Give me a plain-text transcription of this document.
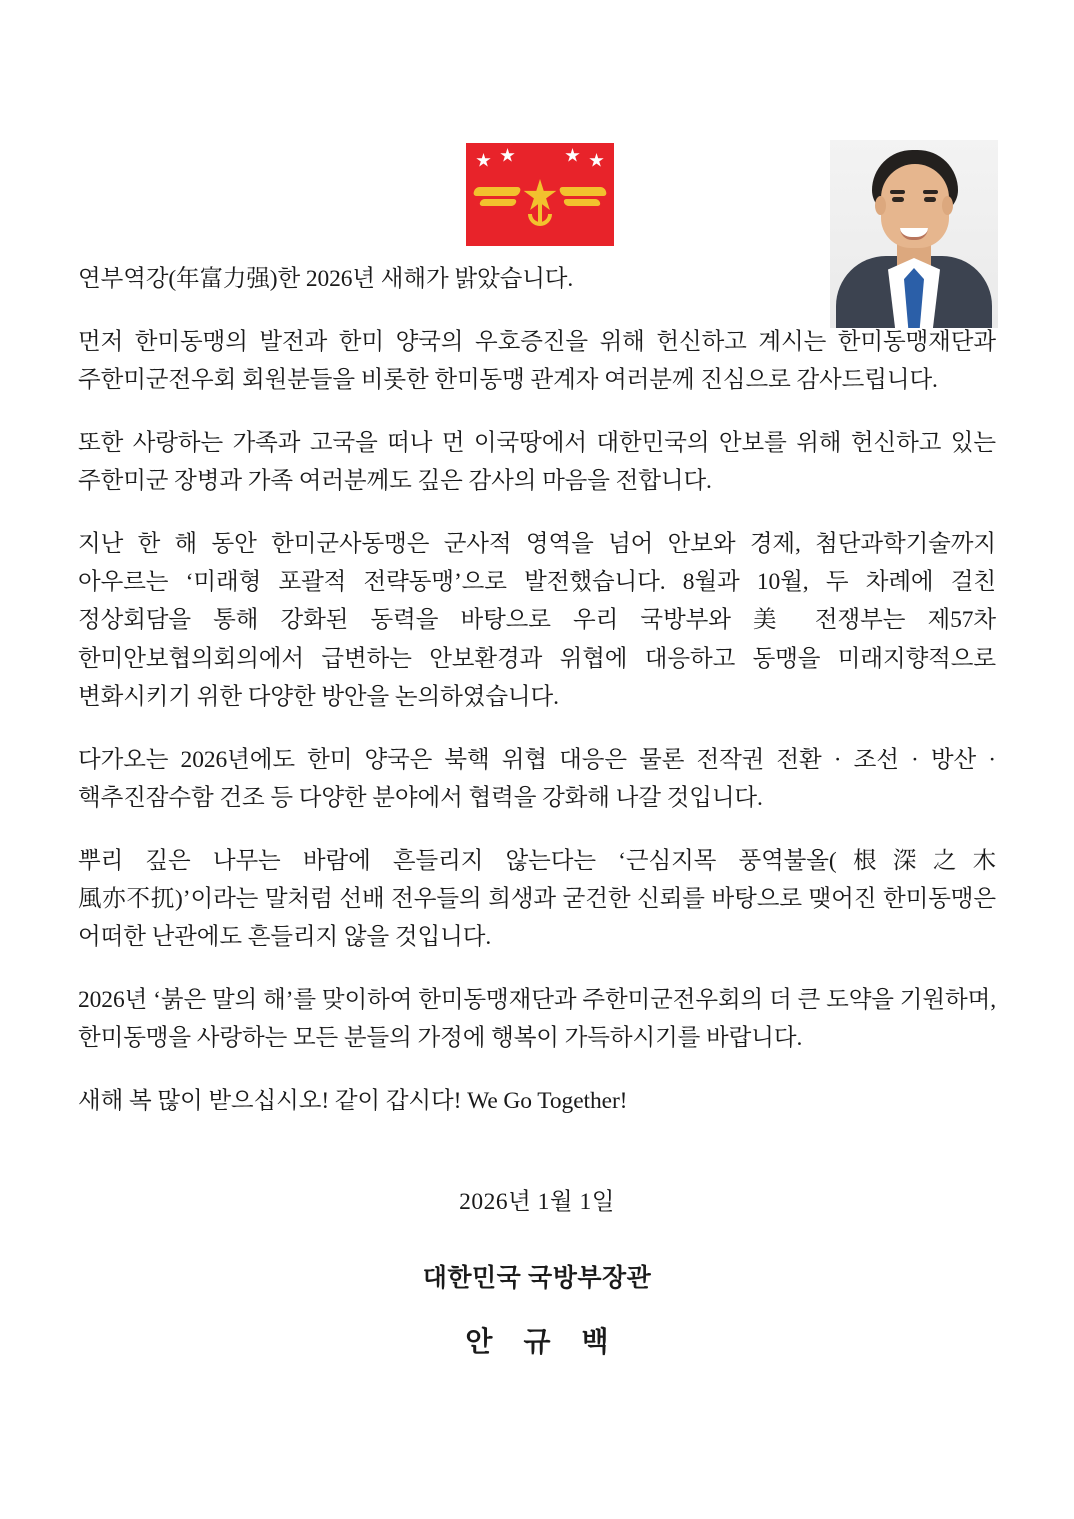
연부역강(年富力强)한 2026년 새해가 밝았습니다.

먼저 한미동맹의 발전과 한미 양국의 우호증진을 위해 헌신하고 계시는 한미동맹재단과 주한미군전우회 회원분들을 비롯한 한미동맹 관계자 여러분께 진심으로 감사드립니다.

또한 사랑하는 가족과 고국을 떠나 먼 이국땅에서 대한민국의 안보를 위해 헌신하고 있는 주한미군 장병과 가족 여러분께도 깊은 감사의 마음을 전합니다.

지난 한 해 동안 한미군사동맹은 군사적 영역을 넘어 안보와 경제, 첨단과학기술까지 아우르는 ‘미래형 포괄적 전략동맹’으로 발전했습니다. 8월과 10월, 두 차례에 걸친 정상회담을 통해 강화된 동력을 바탕으로 우리 국방부와 美 전쟁부는 제57차 한미안보협의회의에서 급변하는 안보환경과 위협에 대응하고 동맹을 미래지향적으로 변화시키기 위한 다양한 방안을 논의하였습니다.

다가오는 2026년에도 한미 양국은 북핵 위협 대응은 물론 전작권 전환 · 조선 · 방산 · 핵추진잠수함 건조 등 다양한 분야에서 협력을 강화해 나갈 것입니다.

뿌리 깊은 나무는 바람에 흔들리지 않는다는 ‘근심지목 풍역불올(根深之木 風亦不扤)’이라는 말처럼 선배 전우들의 희생과 굳건한 신뢰를 바탕으로 맺어진 한미동맹은 어떠한 난관에도 흔들리지 않을 것입니다.

2026년 ‘붉은 말의 해’를 맞이하여 한미동맹재단과 주한미군전우회의 더 큰 도약을 기원하며, 한미동맹을 사랑하는 모든 분들의 가정에 행복이 가득하시기를 바랍니다.

새해 복 많이 받으십시오! 같이 갑시다! We Go Together!

2026년 1월 1일
대한민국 국방부장관
안 규 백
